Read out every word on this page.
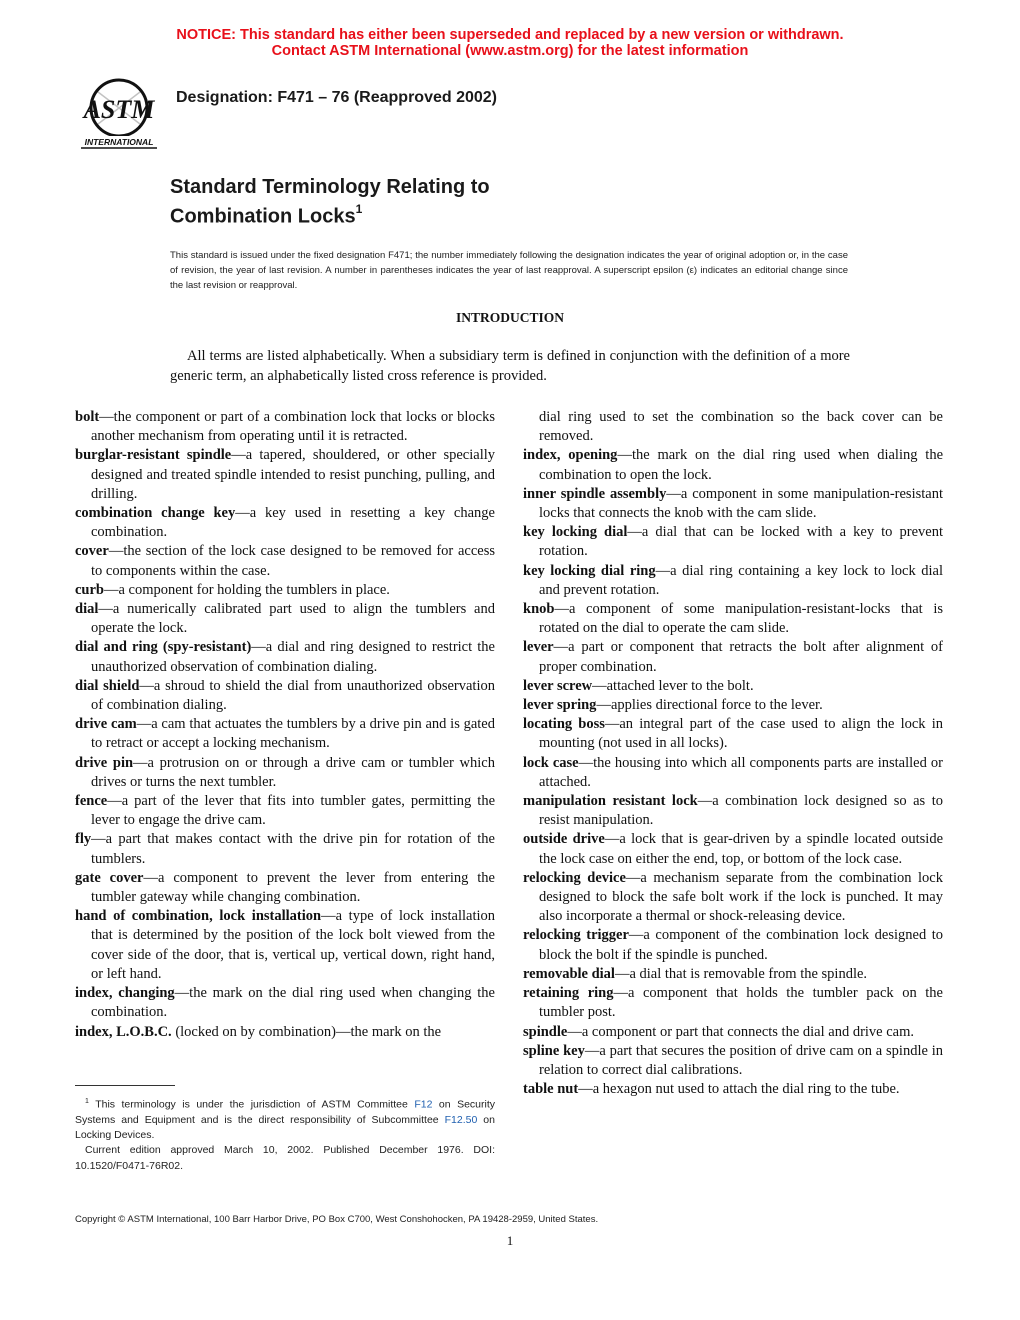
NOTICE: This standard has either been superseded and replaced by a new version or withdrawn.
Contact ASTM International (www.astm.org) for the latest information
ASTM
INTERNATIONAL
Designation: F471 – 76 (Reapproved 2002)
Standard Terminology Relating to
Combination Locks$^1$
This standard is issued under the fixed designation F471; the number immediately following the designation indicates the year of original adoption or, in the case of revision, the year of last revision. A number in parentheses indicates the year of last reapproval. A superscript epsilon (ε) indicates an editorial change since the last revision or reapproval.
INTRODUCTION
All terms are listed alphabetically. When a subsidiary term is defined in conjunction with the definition of a more generic term, an alphabetically listed cross reference is provided.

bolt—the component or part of a combination lock that locks or blocks another mechanism from operating until it is retracted.

burglar-resistant spindle—a tapered, shouldered, or other specially designed and treated spindle intended to resist punching, pulling, and drilling.

combination change key—a key used in resetting a key change combination.

cover—the section of the lock case designed to be removed for access to components within the case.

curb—a component for holding the tumblers in place.

dial—a numerically calibrated part used to align the tumblers and operate the lock.

dial and ring (spy-resistant)—a dial and ring designed to restrict the unauthorized observation of combination dialing.

dial shield—a shroud to shield the dial from unauthorized observation of combination dialing.

drive cam—a cam that actuates the tumblers by a drive pin and is gated to retract or accept a locking mechanism.

drive pin—a protrusion on or through a drive cam or tumbler which drives or turns the next tumbler.

fence—a part of the lever that fits into tumbler gates, permitting the lever to engage the drive cam.

fly—a part that makes contact with the drive pin for rotation of the tumblers.

gate cover—a component to prevent the lever from entering the tumbler gateway while changing combination.

hand of combination, lock installation—a type of lock installation that is determined by the position of the lock bolt viewed from the cover side of the door, that is, vertical up, vertical down, right hand, or left hand.

index, changing—the mark on the dial ring used when changing the combination.

index, L.O.B.C. (locked on by combination)—the mark on the

$^1$ This terminology is under the jurisdiction of ASTM Committee F12 on Security Systems and Equipment and is the direct responsibility of Subcommittee F12.50 on Locking Devices.

Current edition approved March 10, 2002. Published December 1976. DOI: 10.1520/F0471-76R02.

dial ring used to set the combination so the back cover can be removed.

index, opening—the mark on the dial ring used when dialing the combination to open the lock.

inner spindle assembly—a component in some manipulation-resistant locks that connects the knob with the cam slide.

key locking dial—a dial that can be locked with a key to prevent rotation.

key locking dial ring—a dial ring containing a key lock to lock dial and prevent rotation.

knob—a component of some manipulation-resistant-locks that is rotated on the dial to operate the cam slide.

lever—a part or component that retracts the bolt after alignment of proper combination.

lever screw—attached lever to the bolt.

lever spring—applies directional force to the lever.

locating boss—an integral part of the case used to align the lock in mounting (not used in all locks).

lock case—the housing into which all components parts are installed or attached.

manipulation resistant lock—a combination lock designed so as to resist manipulation.

outside drive—a lock that is gear-driven by a spindle located outside the lock case on either the end, top, or bottom of the lock case.

relocking device—a mechanism separate from the combination lock designed to block the safe bolt work if the lock is punched. It may also incorporate a thermal or shock-releasing device.

relocking trigger—a component of the combination lock designed to block the bolt if the spindle is punched.

removable dial—a dial that is removable from the spindle.

retaining ring—a component that holds the tumbler pack on the tumbler post.

spindle—a component or part that connects the dial and drive cam.

spline key—a part that secures the position of drive cam on a spindle in relation to correct dial calibrations.

table nut—a hexagon nut used to attach the dial ring to the tube.

Copyright © ASTM International, 100 Barr Harbor Drive, PO Box C700, West Conshohocken, PA 19428-2959, United States.
1
